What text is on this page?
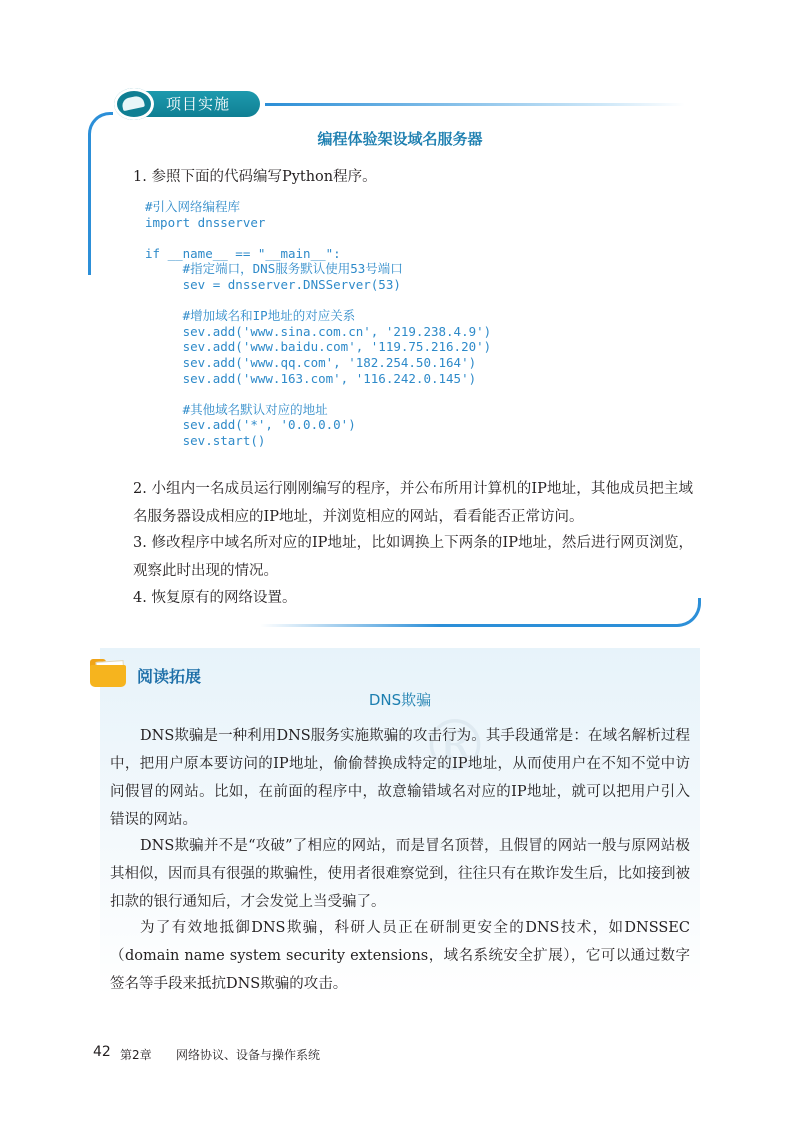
项目实施
编程体验架设域名服务器
1. 参照下面的代码编写Python程序。
#引入网络编程库
import dnsserver

if __name__ == "__main__":
#指定端口，DNS服务默认使用53号端口
sev = dnsserver.DNSServer(53)

#增加域名和IP地址的对应关系
sev.add('www.sina.com.cn', '219.238.4.9')
sev.add('www.baidu.com', '119.75.216.20')
sev.add('www.qq.com', '182.254.50.164')
sev.add('www.163.com', '116.242.0.145')

#其他域名默认对应的地址
sev.add('*', '0.0.0.0')
sev.start()

2. 小组内一名成员运行刚刚编写的程序，并公布所用计算机的IP地址，其他成员把主域名服务器设成相应的IP地址，并浏览相应的网站，看看能否正常访问。
3. 修改程序中域名所对应的IP地址，比如调换上下两条的IP地址，然后进行网页浏览，观察此时出现的情况。
4. 恢复原有的网络设置。
®
阅读拓展
DNS欺骗
DNS欺骗是一种利用DNS服务实施欺骗的攻击行为。其手段通常是：在域名解析过程中，把用户原本要访问的IP地址，偷偷替换成特定的IP地址，从而使用户在不知不觉中访问假冒的网站。比如，在前面的程序中，故意输错域名对应的IP地址，就可以把用户引入错误的网站。
DNS欺骗并不是“攻破”了相应的网站，而是冒名顶替，且假冒的网站一般与原网站极其相似，因而具有很强的欺骗性，使用者很难察觉到，往往只有在欺诈发生后，比如接到被扣款的银行通知后，才会发觉上当受骗了。
为了有效地抵御DNS欺骗，科研人员正在研制更安全的DNS技术，如DNSSEC（domain name system security extensions，域名系统安全扩展），它可以通过数字签名等手段来抵抗DNS欺骗的攻击。
42 第2章 网络协议、设备与操作系统
